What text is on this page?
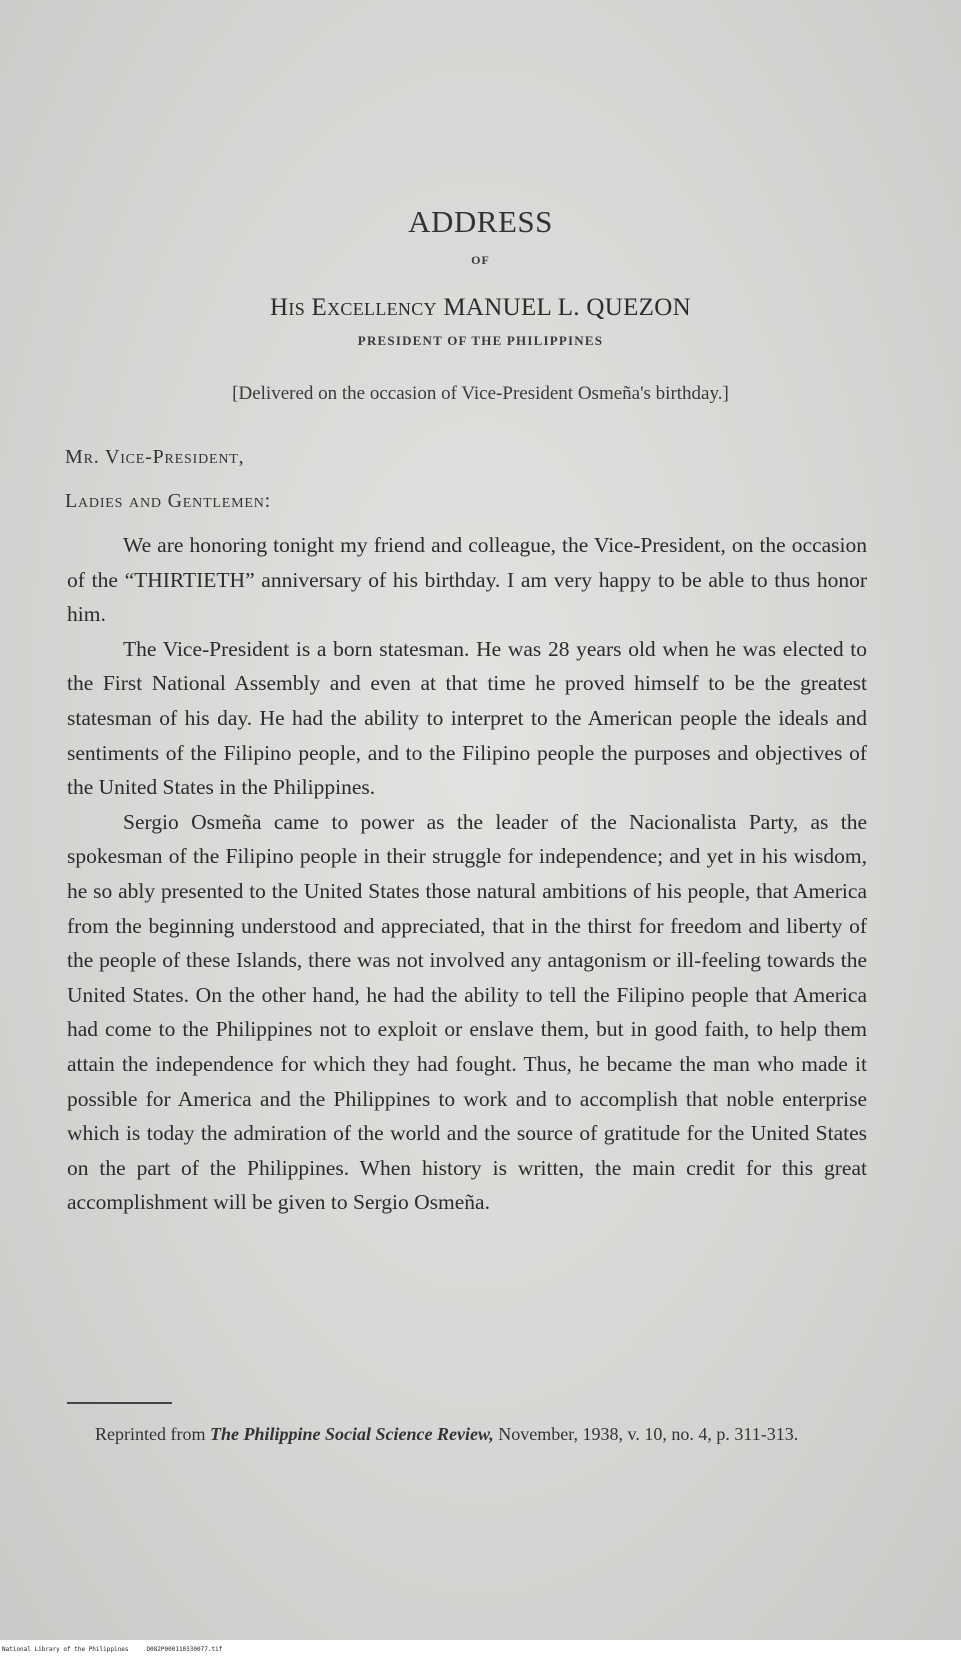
ADDRESS
OF
His Excellency MANUEL L. QUEZON
PRESIDENT OF THE PHILIPPINES
[Delivered on the occasion of Vice-President Osmeña's birthday.]
Mr. Vice-President,
Ladies and Gentlemen:

We are honoring tonight my friend and colleague, the Vice-President, on the occasion of the “THIRTIETH” anniversary of his birthday. I am very happy to be able to thus honor him.

The Vice-President is a born statesman. He was 28 years old when he was elected to the First National Assembly and even at that time he proved himself to be the greatest statesman of his day. He had the ability to interpret to the American people the ideals and sentiments of the Filipino people, and to the Filipino people the purposes and objectives of the United States in the Philippines.

Sergio Osmeña came to power as the leader of the Nacionalista Party, as the spokesman of the Filipino people in their struggle for independence; and yet in his wisdom, he so ably presented to the United States those natural ambitions of his people, that America from the beginning understood and appreciated, that in the thirst for freedom and liberty of the people of these Islands, there was not involved any antagonism or ill-feeling towards the United States. On the other hand, he had the ability to tell the Filipino people that America had come to the Philippines not to exploit or enslave them, but in good faith, to help them attain the independence for which they had fought. Thus, he became the man who made it possible for America and the Philippines to work and to accomplish that noble enterprise which is today the admiration of the world and the source of gratitude for the United States on the part of the Philippines. When history is written, the main credit for this great accomplishment will be given to Sergio Osmeña.

Reprinted from The Philippine Social Science Review, November, 1938, v. 10, no. 4, p. 311-313.
National Library of the Philippines	D082P000110330077.tif
